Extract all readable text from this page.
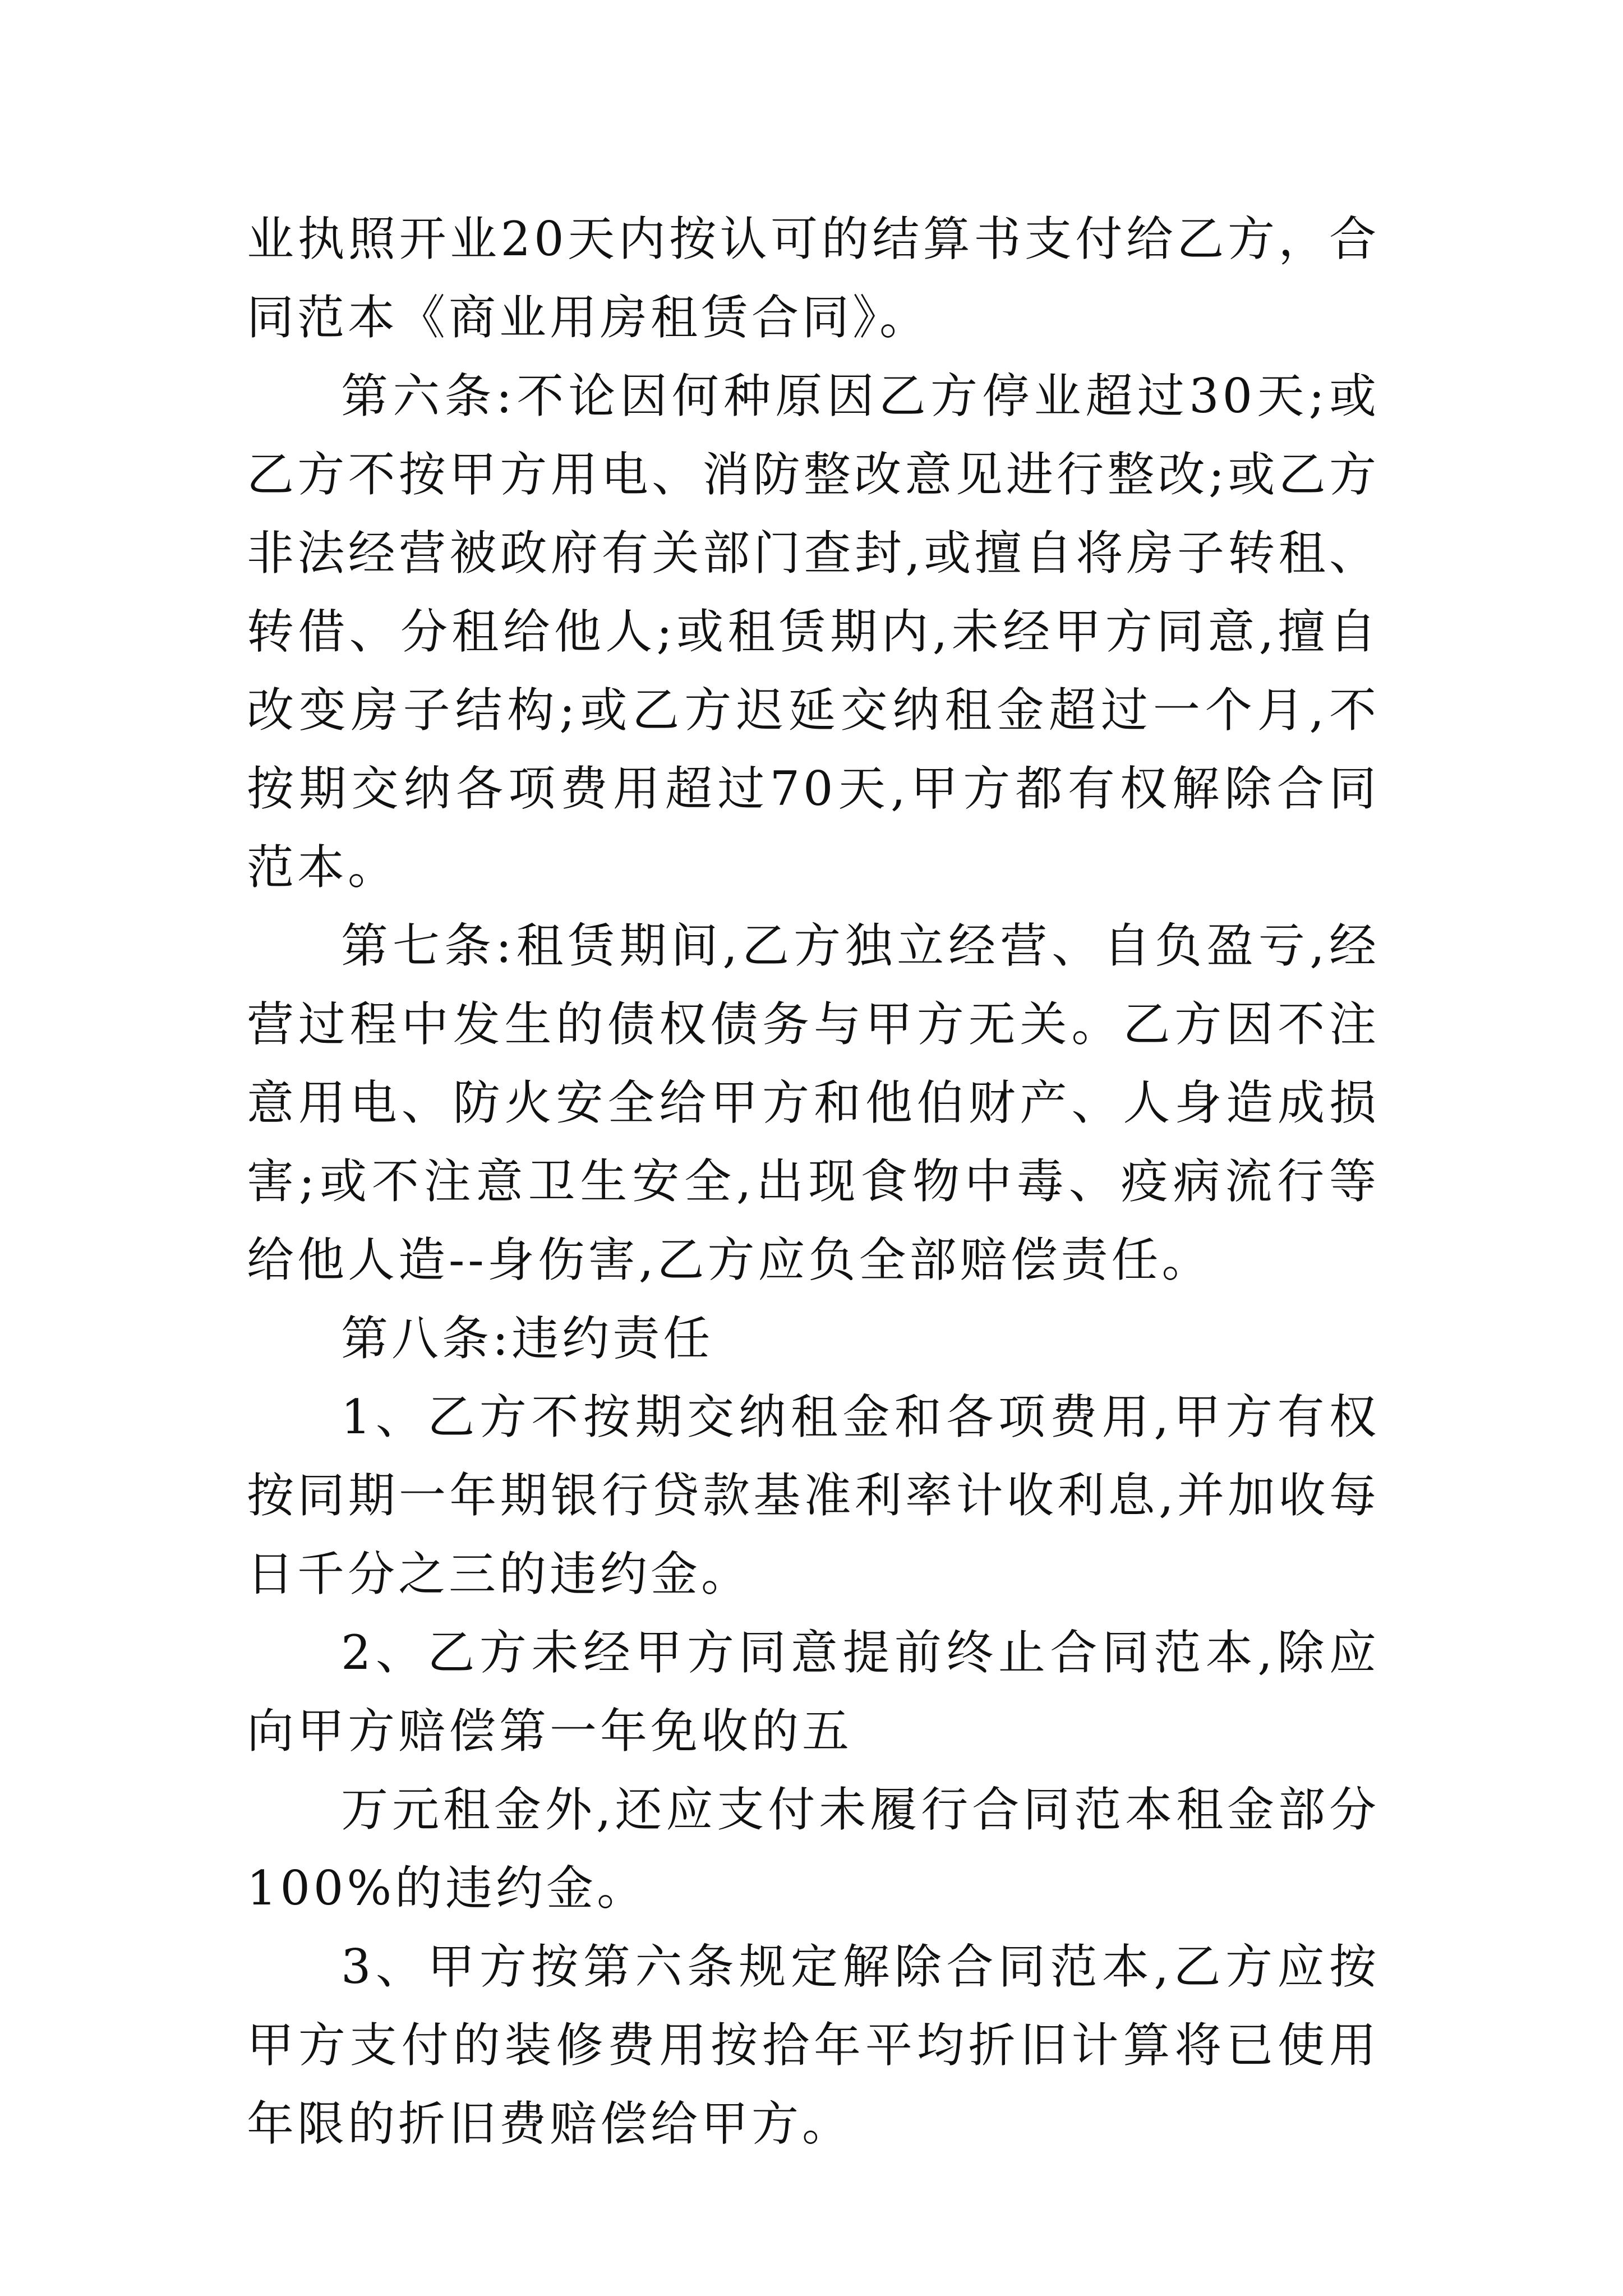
业执照开业20天内按认可的结算书支付给乙方，合同范本《商业用房租赁合同》。

第六条:不论因何种原因乙方停业超过30天;或乙方不按甲方用电、消防整改意见进行整改;或乙方非法经营被政府有关部门查封,或擅自将房子转租、转借、分租给他人;或租赁期内,未经甲方同意,擅自改变房子结构;或乙方迟延交纳租金超过一个月,不按期交纳各项费用超过70天,甲方都有权解除合同范本。

第七条:租赁期间,乙方独立经营、自负盈亏,经营过程中发生的债权债务与甲方无关。乙方因不注意用电、防火安全给甲方和他伯财产、人身造成损害;或不注意卫生安全,出现食物中毒、疫病流行等给他人造--身伤害,乙方应负全部赔偿责任。

第八条:违约责任

1、乙方不按期交纳租金和各项费用,甲方有权按同期一年期银行贷款基准利率计收利息,并加收每日千分之三的违约金。

2、乙方未经甲方同意提前终止合同范本,除应向甲方赔偿第一年免收的五

万元租金外,还应支付未履行合同范本租金部分100%的违约金。

3、甲方按第六条规定解除合同范本,乙方应按甲方支付的装修费用按拾年平均折旧计算将已使用年限的折旧费赔偿给甲方。
